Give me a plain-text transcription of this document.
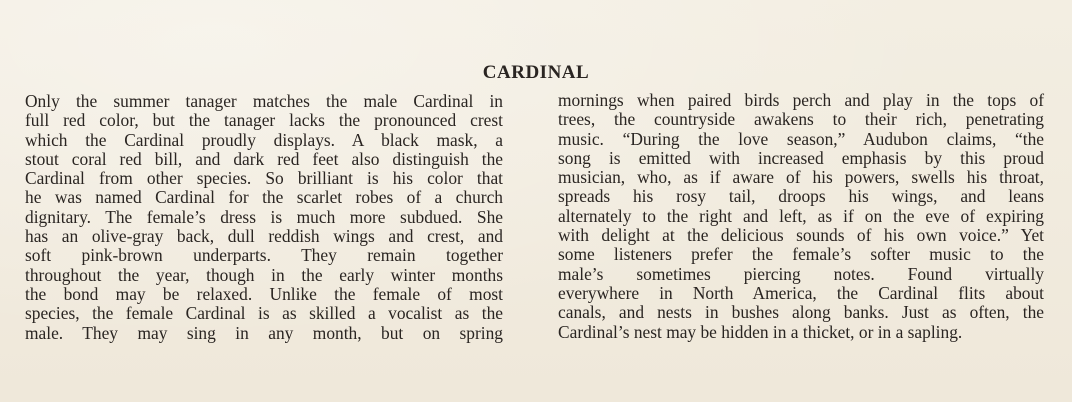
CARDINAL
Only the summer tanager matches the male Cardinal in
full red color, but the tanager lacks the pronounced crest
which the Cardinal proudly displays. A black mask, a
stout coral red bill, and dark red feet also distinguish the
Cardinal from other species. So brilliant is his color that
he was named Cardinal for the scarlet robes of a church
dignitary. The female’s dress is much more subdued. She
has an olive-gray back, dull reddish wings and crest, and
soft pink-brown underparts. They remain together
throughout the year, though in the early winter months
the bond may be relaxed. Unlike the female of most
species, the female Cardinal is as skilled a vocalist as the
male. They may sing in any month, but on spring
mornings when paired birds perch and play in the tops of
trees, the countryside awakens to their rich, penetrating
music. “During the love season,” Audubon claims, “the
song is emitted with increased emphasis by this proud
musician, who, as if aware of his powers, swells his throat,
spreads his rosy tail, droops his wings, and leans
alternately to the right and left, as if on the eve of expiring
with delight at the delicious sounds of his own voice.” Yet
some listeners prefer the female’s softer music to the
male’s sometimes piercing notes. Found virtually
everywhere in North America, the Cardinal flits about
canals, and nests in bushes along banks. Just as often, the
Cardinal’s nest may be hidden in a thicket, or in a sapling.
